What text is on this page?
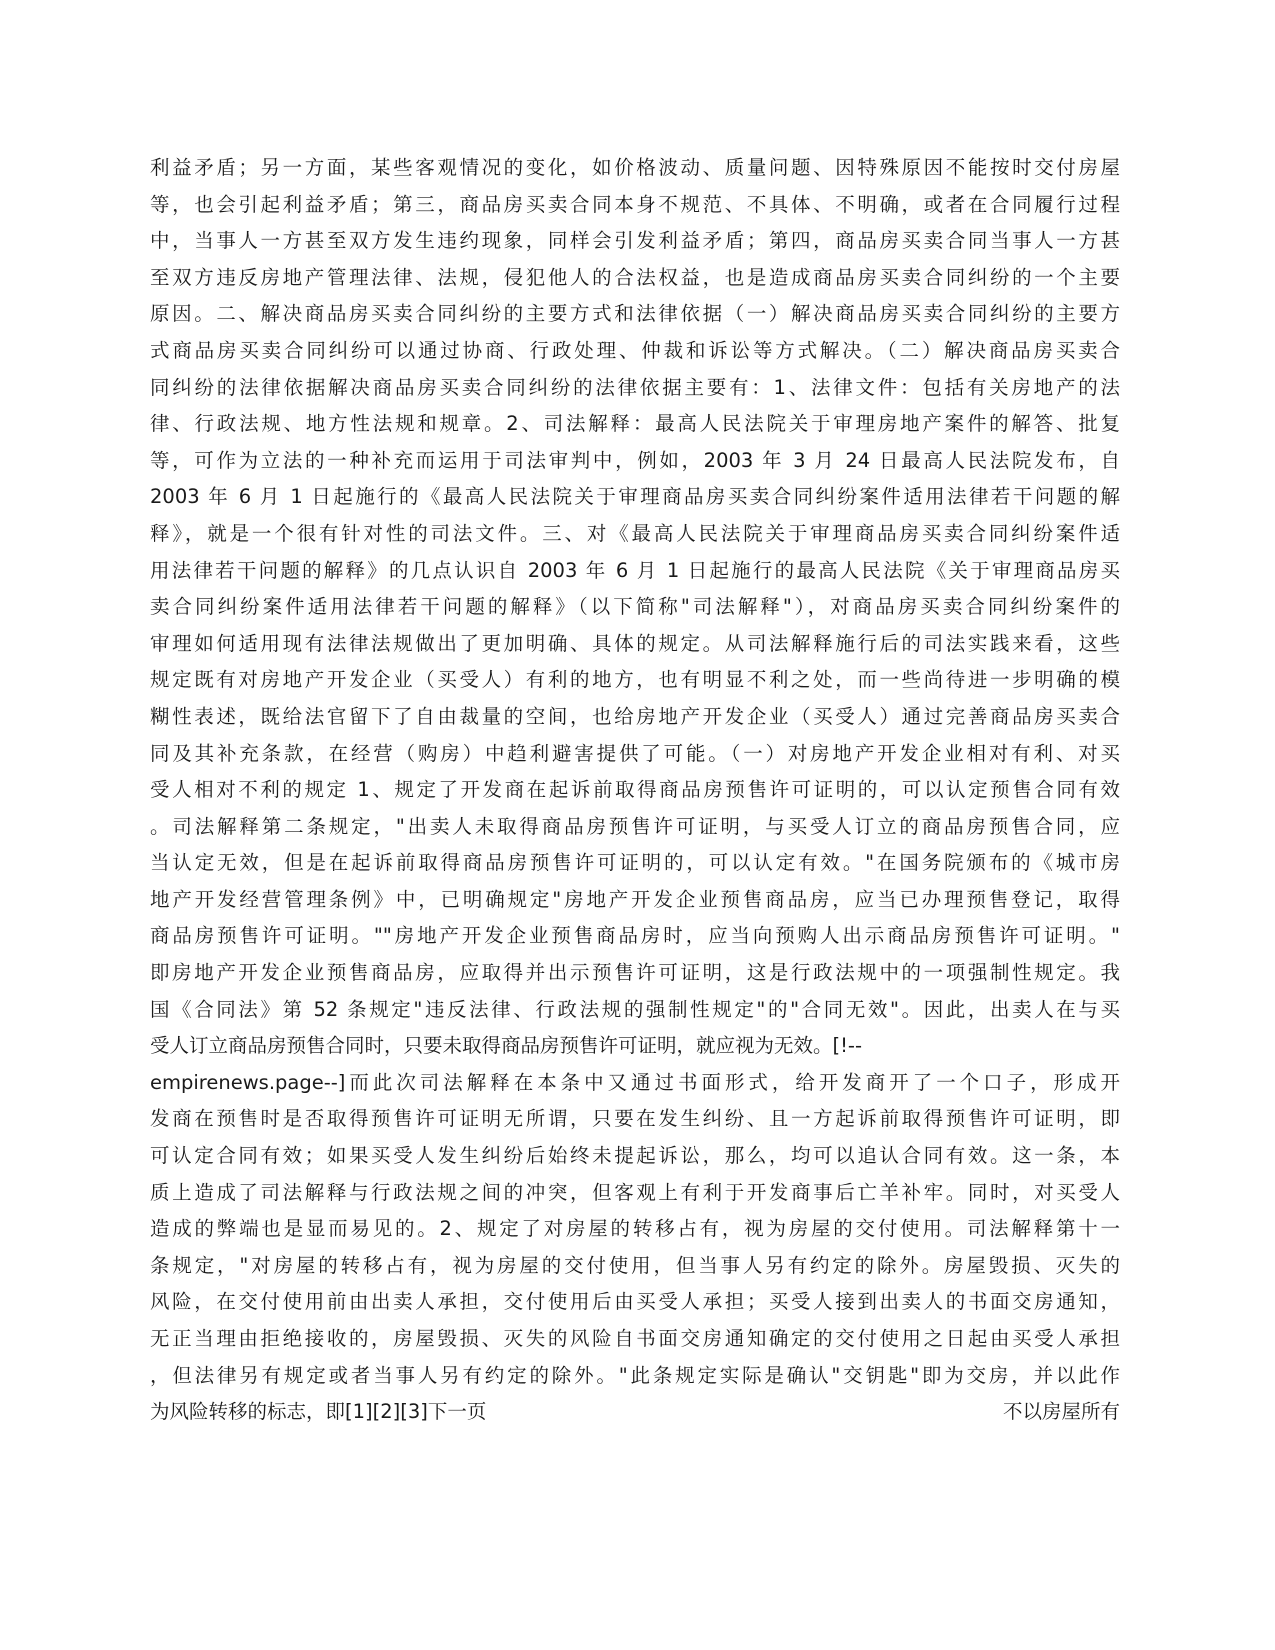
利益矛盾；另一方面，某些客观情况的变化，如价格波动、质量问题、因特殊原因不能按时交付房屋
等，也会引起利益矛盾；第三，商品房买卖合同本身不规范、不具体、不明确，或者在合同履行过程
中，当事人一方甚至双方发生违约现象，同样会引发利益矛盾；第四，商品房买卖合同当事人一方甚
至双方违反房地产管理法律、法规，侵犯他人的合法权益，也是造成商品房买卖合同纠纷的一个主要
原因。二、解决商品房买卖合同纠纷的主要方式和法律依据（一）解决商品房买卖合同纠纷的主要方
式商品房买卖合同纠纷可以通过协商、行政处理、仲裁和诉讼等方式解决。（二）解决商品房买卖合
同纠纷的法律依据解决商品房买卖合同纠纷的法律依据主要有：1、法律文件：包括有关房地产的法
律、行政法规、地方性法规和规章。2、司法解释：最高人民法院关于审理房地产案件的解答、批复
等，可作为立法的一种补充而运用于司法审判中，例如，2003 年 3 月 24 日最高人民法院发布，自
2003 年 6 月 1 日起施行的《最高人民法院关于审理商品房买卖合同纠纷案件适用法律若干问题的解
释》，就是一个很有针对性的司法文件。三、对《最高人民法院关于审理商品房买卖合同纠纷案件适
用法律若干问题的解释》的几点认识自 2003 年 6 月 1 日起施行的最高人民法院《关于审理商品房买
卖合同纠纷案件适用法律若干问题的解释》（以下简称"司法解释"），对商品房买卖合同纠纷案件的
审理如何适用现有法律法规做出了更加明确、具体的规定。从司法解释施行后的司法实践来看，这些
规定既有对房地产开发企业（买受人）有利的地方，也有明显不利之处，而一些尚待进一步明确的模
糊性表述，既给法官留下了自由裁量的空间，也给房地产开发企业（买受人）通过完善商品房买卖合
同及其补充条款，在经营（购房）中趋利避害提供了可能。（一）对房地产开发企业相对有利、对买
受人相对不利的规定 1、规定了开发商在起诉前取得商品房预售许可证明的，可以认定预售合同有效
。司法解释第二条规定，"出卖人未取得商品房预售许可证明，与买受人订立的商品房预售合同，应
当认定无效，但是在起诉前取得商品房预售许可证明的，可以认定有效。"在国务院颁布的《城市房
地产开发经营管理条例》中，已明确规定"房地产开发企业预售商品房，应当已办理预售登记，取得
商品房预售许可证明。""房地产开发企业预售商品房时，应当向预购人出示商品房预售许可证明。"
即房地产开发企业预售商品房，应取得并出示预售许可证明，这是行政法规中的一项强制性规定。我
国《合同法》第 52 条规定"违反法律、行政法规的强制性规定"的"合同无效"。因此，出卖人在与买
受人订立商品房预售合同时，只要未取得商品房预售许可证明，就应视为无效。[!--
empirenews.page--]而此次司法解释在本条中又通过书面形式，给开发商开了一个口子，形成开
发商在预售时是否取得预售许可证明无所谓，只要在发生纠纷、且一方起诉前取得预售许可证明，即
可认定合同有效；如果买受人发生纠纷后始终未提起诉讼，那么，均可以追认合同有效。这一条，本
质上造成了司法解释与行政法规之间的冲突，但客观上有利于开发商事后亡羊补牢。同时，对买受人
造成的弊端也是显而易见的。2、规定了对房屋的转移占有，视为房屋的交付使用。司法解释第十一
条规定，"对房屋的转移占有，视为房屋的交付使用，但当事人另有约定的除外。房屋毁损、灭失的
风险，在交付使用前由出卖人承担，交付使用后由买受人承担；买受人接到出卖人的书面交房通知，
无正当理由拒绝接收的，房屋毁损、灭失的风险自书面交房通知确定的交付使用之日起由买受人承担
，但法律另有规定或者当事人另有约定的除外。"此条规定实际是确认"交钥匙"即为交房，并以此作
为风险转移的标志，即[1][2][3]下一页	不以房屋所有
